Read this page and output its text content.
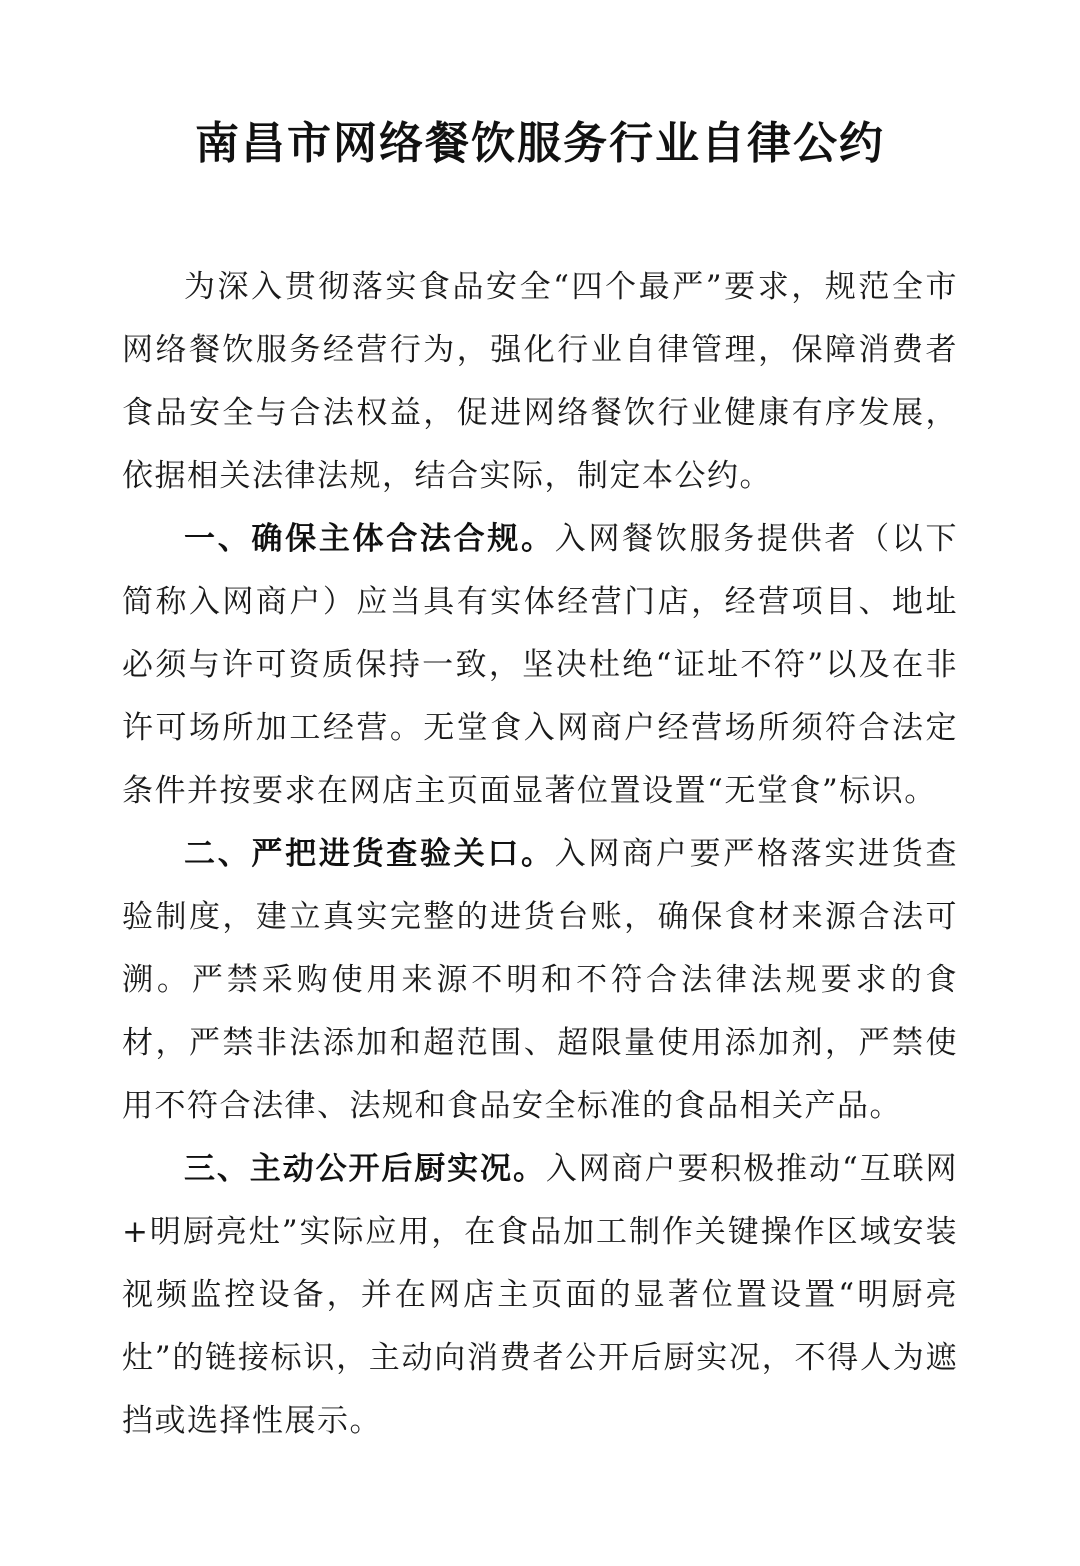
南昌市网络餐饮服务行业自律公约

为深入贯彻落实食品安全“四个最严”要求，规范全市网络餐饮服务经营行为，强化行业自律管理，保障消费者食品安全与合法权益，促进网络餐饮行业健康有序发展，依据相关法律法规，结合实际，制定本公约。

一、确保主体合法合规。入网餐饮服务提供者（以下简称入网商户）应当具有实体经营门店，经营项目、地址必须与许可资质保持一致，坚决杜绝“证址不符”以及在非许可场所加工经营。无堂食入网商户经营场所须符合法定条件并按要求在网店主页面显著位置设置“无堂食”标识。

二、严把进货查验关口。入网商户要严格落实进货查验制度，建立真实完整的进货台账，确保食材来源合法可溯。严禁采购使用来源不明和不符合法律法规要求的食材，严禁非法添加和超范围、超限量使用添加剂，严禁使用不符合法律、法规和食品安全标准的食品相关产品。

三、主动公开后厨实况。入网商户要积极推动“互联网+明厨亮灶”实际应用，在食品加工制作关键操作区域安装视频监控设备，并在网店主页面的显著位置设置“明厨亮灶”的链接标识，主动向消费者公开后厨实况，不得人为遮挡或选择性展示。
